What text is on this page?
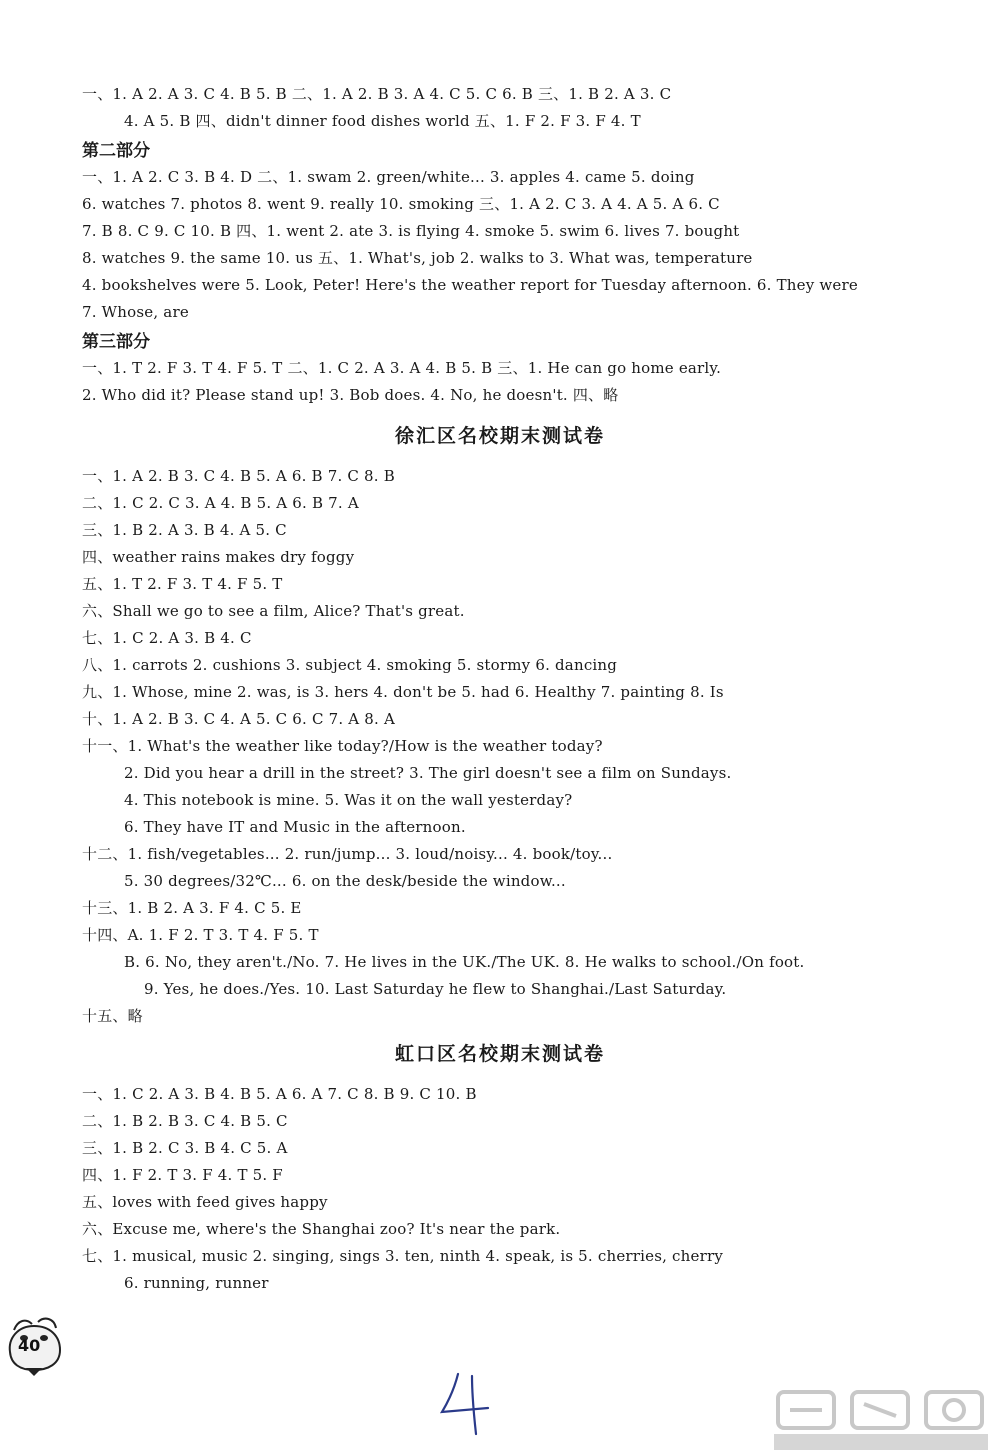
一、1. A 2. A 3. C 4. B 5. B 二、1. A 2. B 3. A 4. C 5. C 6. B 三、1. B 2. A 3. C
4. A 5. B 四、didn't dinner food dishes world 五、1. F 2. F 3. F 4. T
第二部分
一、1. A 2. C 3. B 4. D 二、1. swam 2. green/white... 3. apples 4. came 5. doing
6. watches 7. photos 8. went 9. really 10. smoking 三、1. A 2. C 3. A 4. A 5. A 6. C
7. B 8. C 9. C 10. B 四、1. went 2. ate 3. is flying 4. smoke 5. swim 6. lives 7. bought
8. watches 9. the same 10. us 五、1. What's, job 2. walks to 3. What was, temperature
4. bookshelves were 5. Look, Peter! Here's the weather report for Tuesday afternoon. 6. They were
7. Whose, are
第三部分
一、1. T 2. F 3. T 4. F 5. T 二、1. C 2. A 3. A 4. B 5. B 三、1. He can go home early.
2. Who did it? Please stand up! 3. Bob does. 4. No, he doesn't. 四、略
徐汇区名校期末测试卷
一、1. A 2. B 3. C 4. B 5. A 6. B 7. C 8. B
二、1. C 2. C 3. A 4. B 5. A 6. B 7. A
三、1. B 2. A 3. B 4. A 5. C
四、weather rains makes dry foggy
五、1. T 2. F 3. T 4. F 5. T
六、Shall we go to see a film, Alice? That's great.
七、1. C 2. A 3. B 4. C
八、1. carrots 2. cushions 3. subject 4. smoking 5. stormy 6. dancing
九、1. Whose, mine 2. was, is 3. hers 4. don't be 5. had 6. Healthy 7. painting 8. Is
十、1. A 2. B 3. C 4. A 5. C 6. C 7. A 8. A
十一、1. What's the weather like today?/How is the weather today?
2. Did you hear a drill in the street? 3. The girl doesn't see a film on Sundays.
4. This notebook is mine. 5. Was it on the wall yesterday?
6. They have IT and Music in the afternoon.
十二、1. fish/vegetables... 2. run/jump... 3. loud/noisy... 4. book/toy...
5. 30 degrees/32℃... 6. on the desk/beside the window...
十三、1. B 2. A 3. F 4. C 5. E
十四、A. 1. F 2. T 3. T 4. F 5. T
B. 6. No, they aren't./No. 7. He lives in the UK./The UK. 8. He walks to school./On foot.
9. Yes, he does./Yes. 10. Last Saturday he flew to Shanghai./Last Saturday.
十五、略
虹口区名校期末测试卷
一、1. C 2. A 3. B 4. B 5. A 6. A 7. C 8. B 9. C 10. B
二、1. B 2. B 3. C 4. B 5. C
三、1. B 2. C 3. B 4. C 5. A
四、1. F 2. T 3. F 4. T 5. F
五、loves with feed gives happy
六、Excuse me, where's the Shanghai zoo? It's near the park.
七、1. musical, music 2. singing, sings 3. ten, ninth 4. speak, is 5. cherries, cherry
6. running, runner
40
